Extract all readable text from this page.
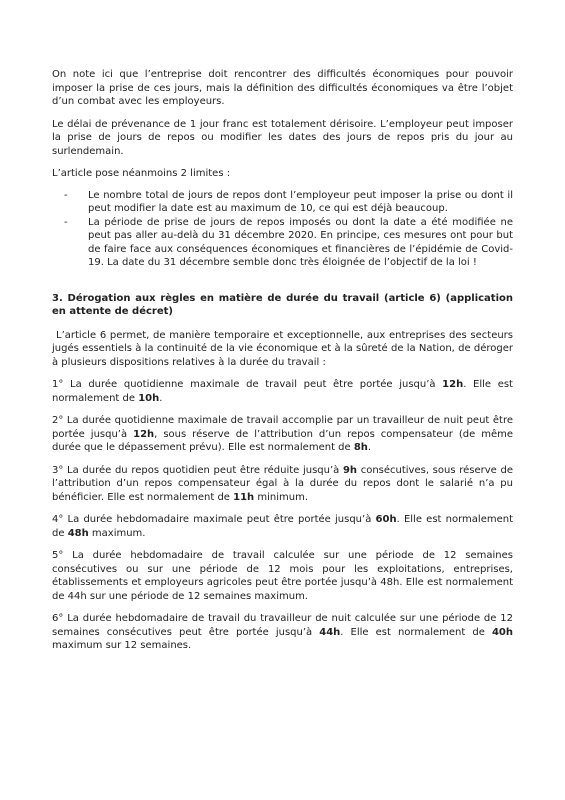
On note ici que l’entreprise doit rencontrer des difficultés économiques pour pouvoir imposer la prise de ces jours, mais la définition des difficultés économiques va être l’objet d’un combat avec les employeurs.

Le délai de prévenance de 1 jour franc est totalement dérisoire. L’employeur peut imposer la prise de jours de repos ou modifier les dates des jours de repos pris du jour au surlendemain.

L’article pose néanmoins 2 limites :

- Le nombre total de jours de repos dont l’employeur peut imposer la prise ou dont il peut modifier la date est au maximum de 10, ce qui est déjà beaucoup.
- La période de prise de jours de repos imposés ou dont la date a été modifiée ne peut pas aller au-delà du 31 décembre 2020. En principe, ces mesures ont pour but de faire face aux conséquences économiques et financières de l’épidémie de Covid-19. La date du 31 décembre semble donc très éloignée de l’objectif de la loi !
3. Dérogation aux règles en matière de durée du travail (article 6) (application en attente de décret)

L’article 6 permet, de manière temporaire et exceptionnelle, aux entreprises des secteurs jugés essentiels à la continuité de la vie économique et à la sûreté de la Nation, de déroger à plusieurs dispositions relatives à la durée du travail :

1° La durée quotidienne maximale de travail peut être portée jusqu’à 12h. Elle est normalement de 10h.

2° La durée quotidienne maximale de travail accomplie par un travailleur de nuit peut être portée jusqu’à 12h, sous réserve de l’attribution d’un repos compensateur (de même durée que le dépassement prévu). Elle est normalement de 8h.

3° La durée du repos quotidien peut être réduite jusqu’à 9h consécutives, sous réserve de l’attribution d’un repos compensateur égal à la durée du repos dont le salarié n’a pu bénéficier. Elle est normalement de 11h minimum.

4° La durée hebdomadaire maximale peut être portée jusqu’à 60h. Elle est normalement de 48h maximum.

5° La durée hebdomadaire de travail calculée sur une période de 12 semaines consécutives ou sur une période de 12 mois pour les exploitations, entreprises, établissements et employeurs agricoles peut être portée jusqu’à 48h. Elle est normalement de 44h sur une période de 12 semaines maximum.

6° La durée hebdomadaire de travail du travailleur de nuit calculée sur une période de 12 semaines consécutives peut être portée jusqu’à 44h. Elle est normalement de 40h maximum sur 12 semaines.
